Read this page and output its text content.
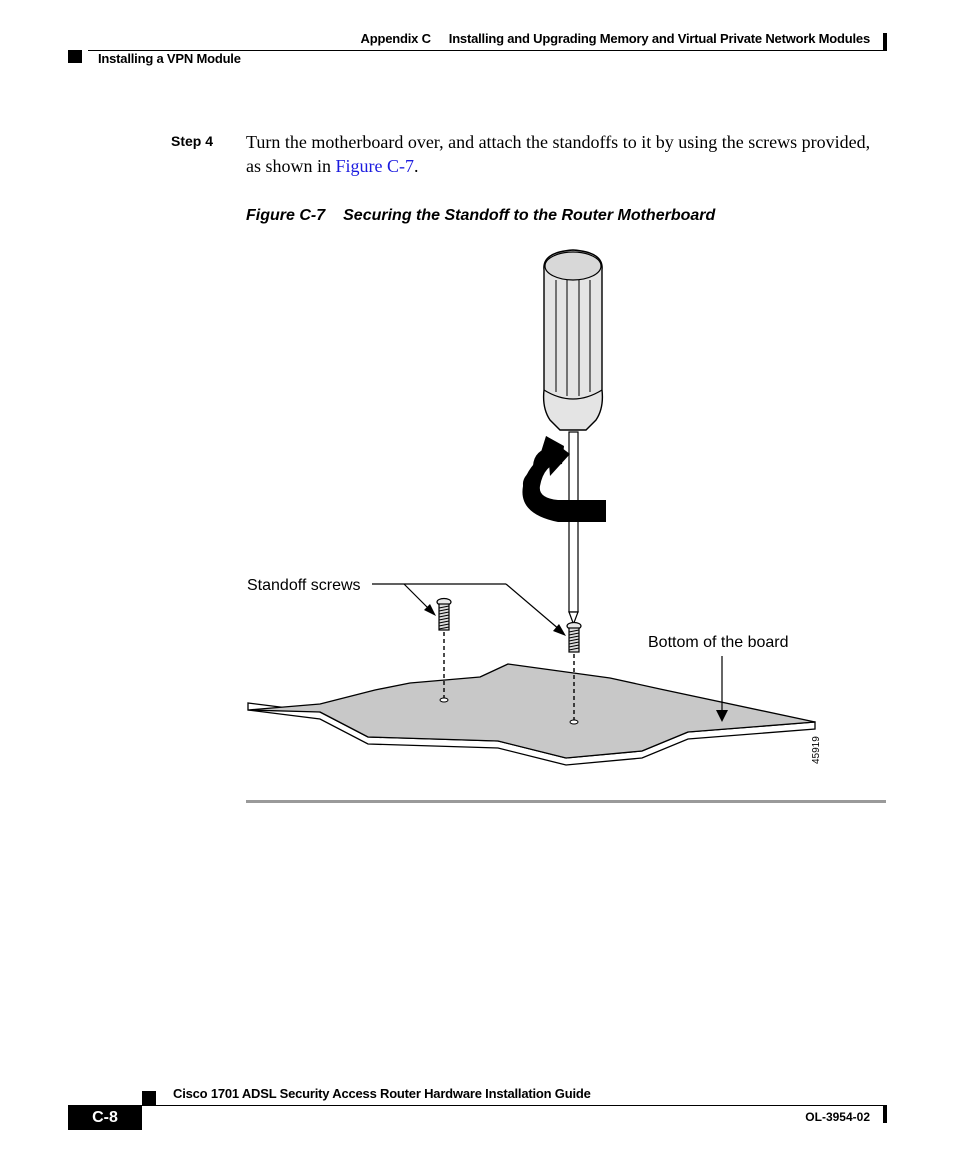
Appendix C Installing and Upgrading Memory and Virtual Private Network Modules
Installing a VPN Module
Step 4 Turn the motherboard over, and attach the standoffs to it by using the screws provided, as shown in Figure C-7.
Figure C-7 Securing the Standoff to the Router Motherboard
Standoff screws
Bottom of the board
45919
Cisco 1701 ADSL Security Access Router Hardware Installation Guide
C-8	OL-3954-02
